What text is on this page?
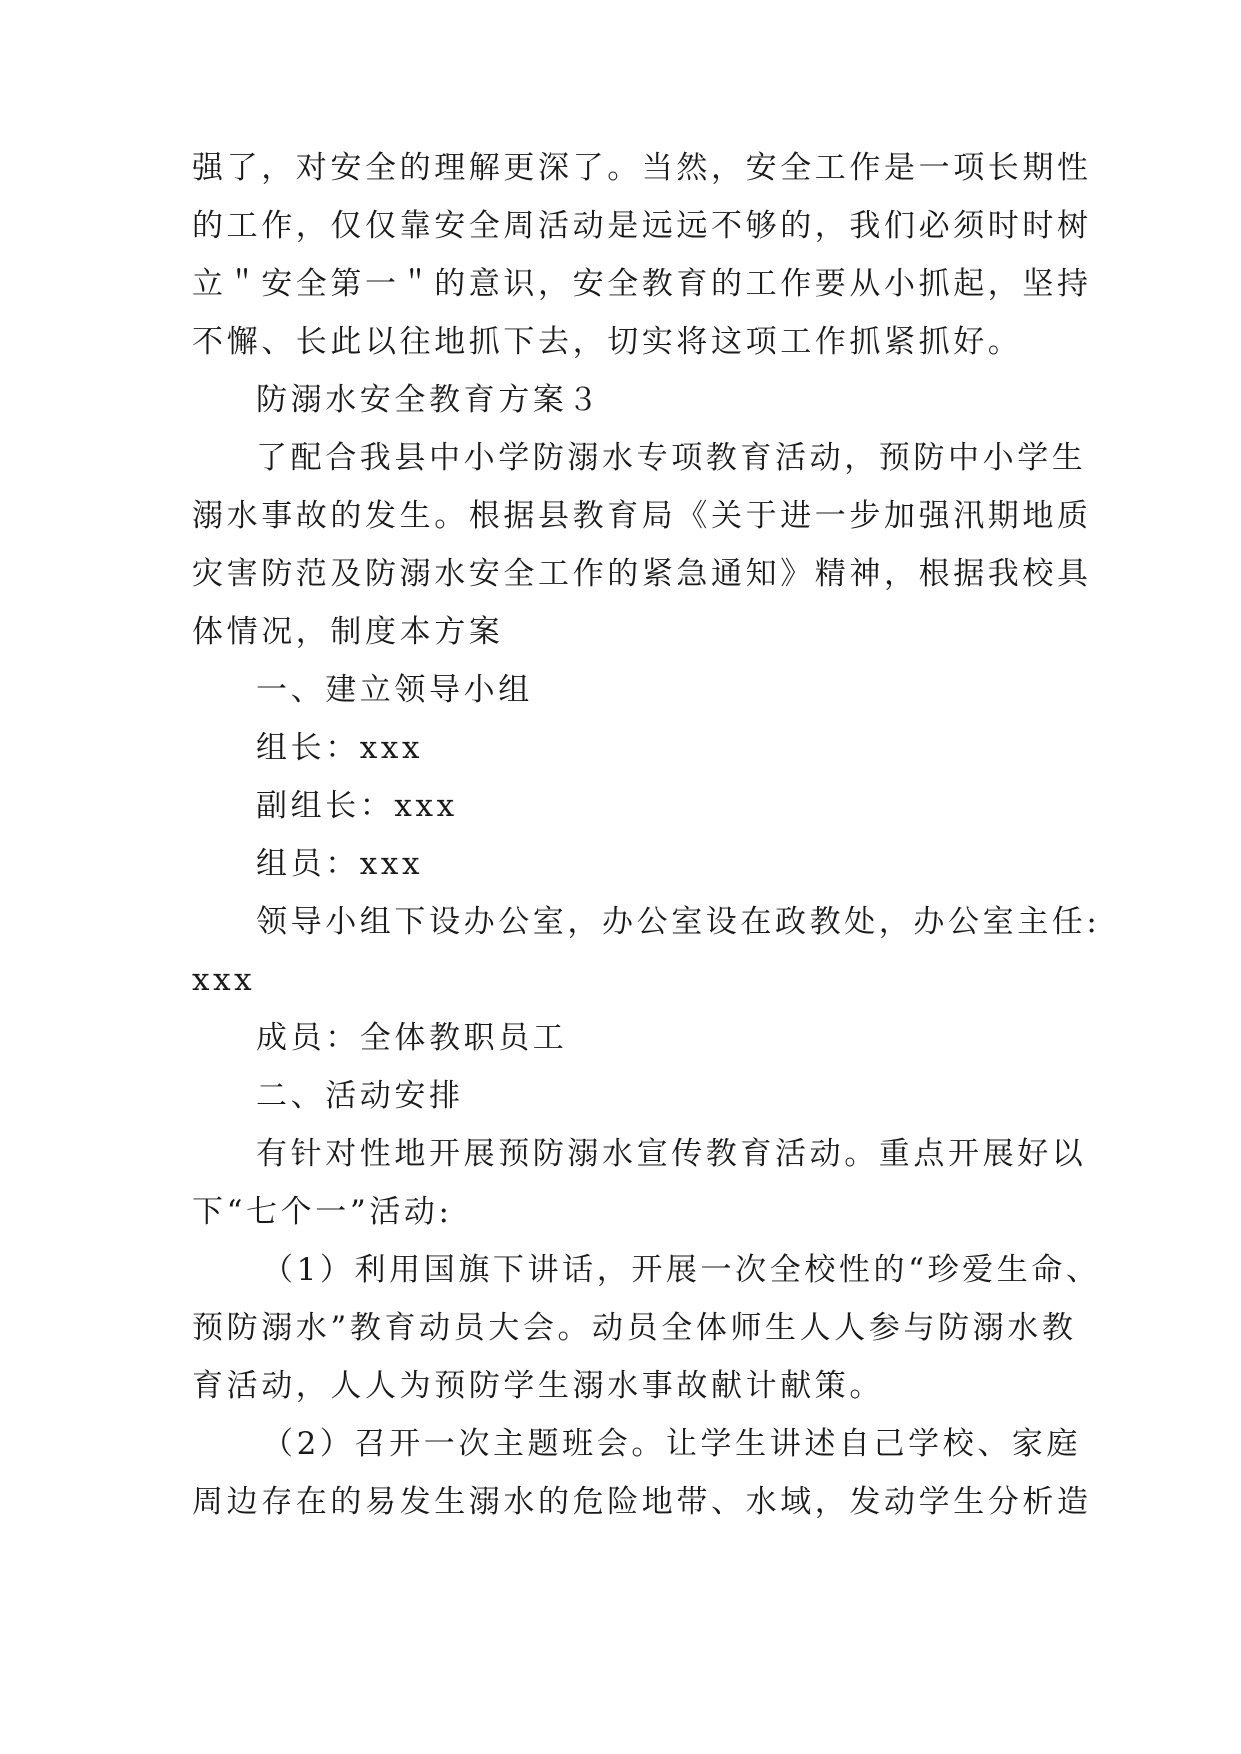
强了，对安全的理解更深了。当然，安全工作是一项长期性
的工作，仅仅靠安全周活动是远远不够的，我们必须时时树
立＂安全第一＂的意识，安全教育的工作要从小抓起，坚持
不懈、长此以往地抓下去，切实将这项工作抓紧抓好。
防溺水安全教育方案３
了配合我县中小学防溺水专项教育活动，预防中小学生
溺水事故的发生。根据县教育局《关于进一步加强汛期地质
灾害防范及防溺水安全工作的紧急通知》精神，根据我校具
体情况，制度本方案
一、建立领导小组
组长：xxx
副组长：xxx
组员：xxx
领导小组下设办公室，办公室设在政教处，办公室主任:
xxx
成员：全体教职员工
二、活动安排
有针对性地开展预防溺水宣传教育活动。重点开展好以
下“七个一”活动:
（1）利用国旗下讲话，开展一次全校性的“珍爱生命、
预防溺水”教育动员大会。动员全体师生人人参与防溺水教
育活动，人人为预防学生溺水事故献计献策。
（2）召开一次主题班会。让学生讲述自己学校、家庭
周边存在的易发生溺水的危险地带、水域，发动学生分析造
